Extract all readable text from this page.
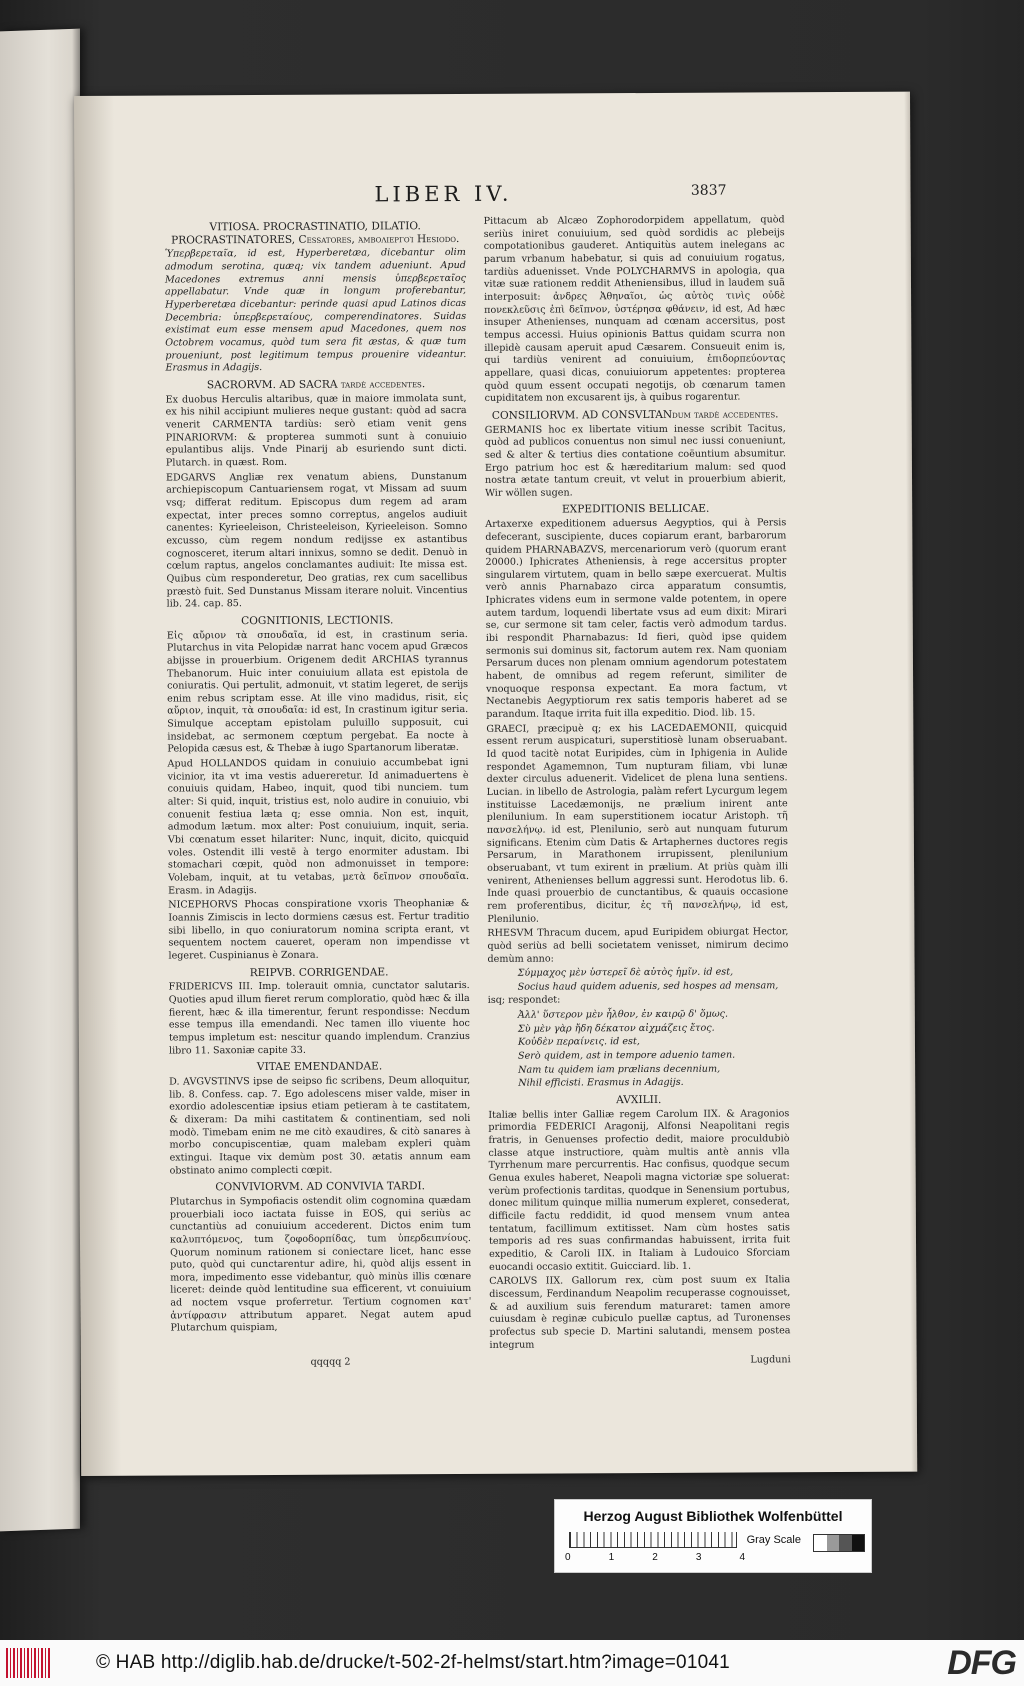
LIBER IV.	3837
VITIOSA. PROCRASTINATIO, DILATIO. PROCRASTINATORES, Cessatores, ἀμβολιεργοὶ Hesiodo.
Ὑπερβερεταῖα, id est, Hyperberetæa, dicebantur olim admodum serotina, quæq; vix tandem adueniunt. Apud Macedones extremus anni mensis ὑπερβερεταῖος appellabatur. Vnde quæ in longum proferebantur, Hyperberetæa dicebantur: perinde quasi apud Latinos dicas Decembria: ὑπερβερεταίους, comperendinatores. Suidas existimat eum esse mensem apud Macedones, quem nos Octobrem vocamus, quòd tum sera fit æstas, & quæ tum proueniunt, post legitimum tempus prouenire videantur. Erasmus in Adagijs.
SACRORVM. AD SACRA tardè accedentes.
Ex duobus Herculis altaribus, quæ in maiore immolata sunt, ex his nihil accipiunt mulieres neque gustant: quòd ad sacra venerit CARMENTA tardiùs: serò etiam venit gens PINARIORVM: & propterea summoti sunt à conuiuio epulantibus alijs. Vnde Pinarij ab esuriendo sunt dicti. Plutarch. in quæst. Rom.
EDGARVS Angliæ rex venatum abiens, Dunstanum archiepiscopum Cantuariensem rogat, vt Missam ad suum vsq; differat reditum. Episcopus dum regem ad aram expectat, inter preces somno correptus, angelos audiuit canentes: Kyrieeleison, Christeeleison, Kyrieeleison. Somno excusso, cùm regem nondum redijsse ex astantibus cognosceret, iterum altari innixus, somno se dedit. Denuò in cœlum raptus, angelos conclamantes audiuit: Ite missa est. Quibus cùm responderetur, Deo gratias, rex cum sacellibus præstò fuit. Sed Dunstanus Missam iterare noluit. Vincentius lib. 24. cap. 85.
COGNITIONIS, LECTIONIS.
Εἰς αὔριον τὰ σπουδαῖα, id est, in crastinum seria. Plutarchus in vita Pelopidæ narrat hanc vocem apud Græcos abijsse in prouerbium. Origenem dedit ARCHIAS tyrannus Thebanorum. Huic inter conuiuium allata est epistola de coniuratis. Qui pertulit, admonuit, vt statim legeret, de serijs enim rebus scriptam esse. At ille vino madidus, risit, εἰς αὔριον, inquit, τὰ σπουδαῖα: id est, In crastinum igitur seria. Simulque acceptam epistolam puluillo supposuit, cui insidebat, ac sermonem cœptum pergebat. Ea nocte à Pelopida cæsus est, & Thebæ à iugo Spartanorum liberatæ.
Apud HOLLANDOS quidam in conuiuio accumbebat igni vicinior, ita vt ima vestis aduereretur. Id animaduertens è conuiuis quidam, Habeo, inquit, quod tibi nunciem. tum alter: Si quid, inquit, tristius est, nolo audire in conuiuio, vbi conuenit festiua læta q; esse omnia. Non est, inquit, admodum lætum. mox alter: Post conuiuium, inquit, seria. Vbi cœnatum esset hilariter: Nunc, inquit, dicito, quicquid voles. Ostendit illi vestē à tergo enormiter adustam. Ibi stomachari cœpit, quòd non admonuisset in tempore: Volebam, inquit, at tu vetabas, μετὰ δεῖπνον σπουδαῖα. Erasm. in Adagijs.
NICEPHORVS Phocas conspiratione vxoris Theophaniæ & Ioannis Zimiscis in lecto dormiens cæsus est. Fertur traditio sibi libello, in quo coniuratorum nomina scripta erant, vt sequentem noctem caueret, operam non impendisse vt legeret. Cuspinianus è Zonara.
REIPVB. CORRIGENDAE.
FRIDERICVS III. Imp. tolerauit omnia, cunctator salutaris. Quoties apud illum fieret rerum comploratio, quòd hæc & illa fierent, hæc & illa timerentur, ferunt respondisse: Necdum esse tempus illa emendandi. Nec tamen illo viuente hoc tempus impletum est: nescitur quando implendum. Cranzius libro 11. Saxoniæ capite 33.
VITAE EMENDANDAE.
D. AVGVSTINVS ipse de seipso fic scribens, Deum alloquitur, lib. 8. Confess. cap. 7. Ego adolescens miser valde, miser in exordio adolescentiæ ipsius etiam petieram à te castitatem, & dixeram: Da mihi castitatem & continentiam, sed noli modò. Timebam enim ne me citò exaudires, & citò sanares à morbo concupiscentiæ, quam malebam expleri quàm extingui. Itaque vix demùm post 30. ætatis annum eam obstinato animo complecti cœpit.
CONVIVIORVM. AD CONVIVIA TARDI.
Plutarchus in Sympofiacis ostendit olim cognomina quædam prouerbiali ioco iactata fuisse in EOS, qui seriùs ac cunctantiùs ad conuiuium accederent. Dictos enim tum καλυπτόμενος, tum ζοφοδορπίδας, tum ὑπερδειπνίους. Quorum nominum rationem si coniectare licet, hanc esse puto, quòd qui cunctarentur adire, hi, quòd alijs essent in mora, impedimento esse videbantur, quò minùs illis cœnare liceret: deinde quòd lentitudine sua efficerent, vt conuiuium ad noctem vsque proferretur. Tertium cognomen κατ' ἀντίφρασιν attributum apparet. Negat autem apud Plutarchum quispiam,
Pittacum ab Alcæo Zophorodorpidem appellatum, quòd seriùs iniret conuiuium, sed quòd sordidis ac plebeijs compotationibus gauderet. Antiquitùs autem inelegans ac parum vrbanum habebatur, si quis ad conuiuium rogatus, tardiùs aduenisset. Vnde POLYCHARMVS in apologia, qua vitæ suæ rationem reddit Atheniensibus, illud in laudem suã interposuit: ἀνδρες Ἀθηναῖοι, ὡς αὐτὸς τινὶς οὐδὲ πονεκλεῦσις ἐπὶ δεῖπνον, ὑστέρησα φθάνειν, id est, Ad hæc insuper Athenienses, nunquam ad cœnam accersitus, post tempus accessi. Huius opinionis Battus quidam scurra non illepidè causam aperuit apud Cæsarem. Consueuit enim is, qui tardiùs venirent ad conuiuium, ἐπιδορπεύοντας appellare, quasi dicas, conuiuiorum appetentes: propterea quòd quum essent occupati negotijs, ob cœnarum tamen cupiditatem non excusarent ijs, à quibus rogarentur.
CONSILIORVM. AD CONSVLTANdum tardè accedentes.
GERMANIS hoc ex libertate vitium inesse scribit Tacitus, quòd ad publicos conuentus non simul nec iussi conueniunt, sed & alter & tertius dies contatione coëuntium absumitur. Ergo patrium hoc est & hæreditarium malum: sed quod nostra ætate tantum creuit, vt velut in prouerbium abierit, Wir wöllen sugen.
EXPEDITIONIS BELLICAE.
Artaxerxe expeditionem aduersus Aegyptios, qui à Persis defecerant, suscipiente, duces copiarum erant, barbarorum quidem PHARNABAZVS, mercenariorum verò (quorum erant 20000.) Iphicrates Atheniensis, à rege accersitus propter singularem virtutem, quam in bello sæpe exercuerat. Multis verò annis Pharnabazo circa apparatum consumtis, Iphicrates videns eum in sermone valde potentem, in opere autem tardum, loquendi libertate vsus ad eum dixit: Mirari se, cur sermone sit tam celer, factis verò admodum tardus. ibi respondit Pharnabazus: Id fieri, quòd ipse quidem sermonis sui dominus sit, factorum autem rex. Nam quoniam Persarum duces non plenam omnium agendorum potestatem habent, de omnibus ad regem referunt, similiter de vnoquoque responsa expectant. Ea mora factum, vt Nectanebis Aegyptiorum rex satis temporis haberet ad se parandum. Itaque irrita fuit illa expeditio. Diod. lib. 15.
GRAECI, præcipuè q; ex his LACEDAEMONII, quicquid essent rerum auspicaturi, superstitiosè lunam obseruabant. Id quod tacitè notat Euripides, cùm in Iphigenia in Aulide respondet Agamemnon, Tum nupturam filiam, vbi lunæ dexter circulus aduenerit. Videlicet de plena luna sentiens. Lucian. in libello de Astrologia, palàm refert Lycurgum legem instituisse Lacedæmonijs, ne prælium inirent ante plenilunium. In eam superstitionem iocatur Aristoph. τῆ πανσελήνῳ. id est, Plenilunio, serò aut nunquam futurum significans. Etenim cùm Datis & Artaphernes ductores regis Persarum, in Marathonem irrupissent, plenilunium obseruabant, vt tum exirent in prælium. At priùs quàm illi venirent, Athenienses bellum aggressi sunt. Herodotus lib. 6. Inde quasi prouerbio de cunctantibus, & quauis occasione rem proferentibus, dicitur, ἐς τῆ πανσελήνῳ, id est, Plenilunio.
RHESVM Thracum ducem, apud Euripidem obiurgat Hector, quòd seriùs ad belli societatem venisset, nimirum decimo demùm anno:
Σύμμαχος μὲν ὑστερεῖ δὲ αὐτὸς ἡμῖν. id est,
Socius haud quidem aduenis, sed hospes ad mensam,
isq; respondet:
Ἀλλ' ὕστερον μὲν ἦλθον, ἐν καιρῷ δ' ὅμως.
Σὺ μὲν γὰρ ἤδη δέκατον αἰχμάζεις ἔτος.
Κοὐδὲν περαίνεις. id est,
Serò quidem, ast in tempore aduenio tamen.
Nam tu quidem iam prælians decennium,
Nihil efficisti. Erasmus in Adagijs.
AVXILII.
Italiæ bellis inter Galliæ regem Carolum IIX. & Aragonios primordia FEDERICI Aragonij, Alfonsi Neapolitani regis fratris, in Genuenses profectio dedit, maiore proculdubiò classe atque instructiore, quàm multis antè annis vlla Tyrrhenum mare percurrentis. Hac confisus, quodque secum Genua exules haberet, Neapoli magna victoriæ spe soluerat: verùm profectionis tarditas, quodque in Senensium portubus, donec militum quinque millia numerum expleret, consederat, difficile factu reddidit, id quod mensem vnum antea tentatum, facillimum extitisset. Nam cùm hostes satis temporis ad res suas confirmandas habuissent, irrita fuit expeditio, & Caroli IIX. in Italiam à Ludouico Sforciam euocandi occasio extitit. Guicciard. lib. 1.
CAROLVS IIX. Gallorum rex, cùm post suum ex Italia discessum, Ferdinandum Neapolim recuperasse cognouisset, & ad auxilium suis ferendum maturaret: tamen amore cuiusdam è reginæ cubiculo puellæ captus, ad Turonenses profectus sub specie D. Martini salutandi, mensem postea integrum
qqqqq 2	Lugduni
Herzog August Bibliothek Wolfenbüttel
0	1	2	3	4
Gray Scale
© HAB http://diglib.hab.de/drucke/t-502-2f-helmst/start.htm?image=01041	DFG
